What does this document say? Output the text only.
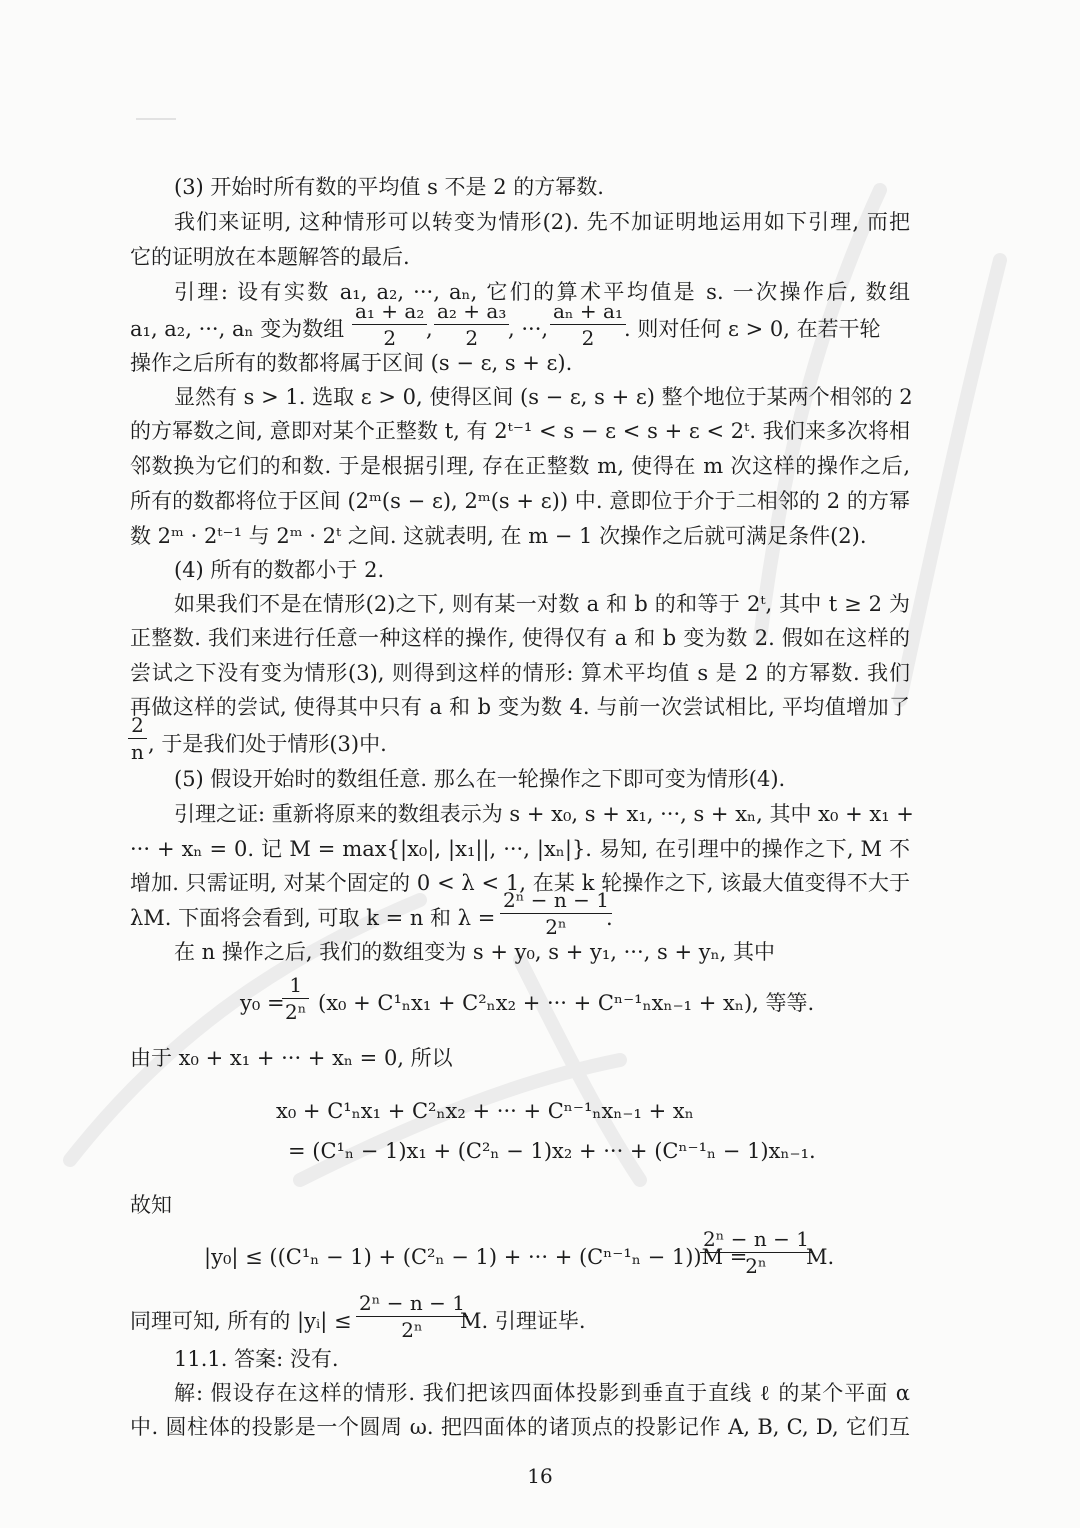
(3) 开始时所有数的平均值 s 不是 2 的方幂数.
我们来证明, 这种情形可以转变为情形(2). 先不加证明地运用如下引理, 而把
它的证明放在本题解答的最后.
引理: 设有实数 a₁, a₂, ···, aₙ, 它们的算术平均值是 s. 一次操作后, 数组
a₁, a₂, ···, aₙ 变为数组 $\frac{\text{a₁ + a₂}}{2}$
, $\frac{\text{a₂ + a₃}}{2}$
, ···, $\frac{\text{aₙ + a₁}}{2}$
. 则对任何 ε > 0, 在若干轮
操作之后所有的数都将属于区间 (s − ε, s + ε).
显然有 s > 1. 选取 ε > 0, 使得区间 (s − ε, s + ε) 整个地位于某两个相邻的 2
的方幂数之间, 意即对某个正整数 t, 有 2ᵗ⁻¹ < s − ε < s + ε < 2ᵗ. 我们来多次将相
邻数换为它们的和数. 于是根据引理, 存在正整数 m, 使得在 m 次这样的操作之后,
所有的数都将位于区间 (2ᵐ(s − ε), 2ᵐ(s + ε)) 中. 意即位于介于二相邻的 2 的方幂
数 2ᵐ · 2ᵗ⁻¹ 与 2ᵐ · 2ᵗ 之间. 这就表明, 在 m − 1 次操作之后就可满足条件(2).
(4) 所有的数都小于 2.
如果我们不是在情形(2)之下, 则有某一对数 a 和 b 的和等于 2ᵗ, 其中 t ≥ 2 为
正整数. 我们来进行任意一种这样的操作, 使得仅有 a 和 b 变为数 2. 假如在这样的
尝试之下没有变为情形(3), 则得到这样的情形: 算术平均值 s 是 2 的方幂数. 我们
再做这样的尝试, 使得其中只有 a 和 b 变为数 4. 与前一次尝试相比, 平均值增加了
$\frac{2}{n}$ , 于是我们处于情形(3)中.
(5) 假设开始时的数组任意. 那么在一轮操作之下即可变为情形(4).
引理之证: 重新将原来的数组表示为 s + x₀, s + x₁, ···, s + xₙ, 其中 x₀ + x₁ +
··· + xₙ = 0. 记 M = max{|x₀|, |x₁||, ···, |xₙ|}. 易知, 在引理中的操作之下, M 不
增加. 只需证明, 对某个固定的 0 < λ < 1, 在某 k 轮操作之下, 该最大值变得不大于
λM. 下面将会看到, 可取 k = n 和 $\lambda = \frac{\text{2ⁿ − n − 1}}{\text{2ⁿ}}$
.
在 n 操作之后, 我们的数组变为 s + y₀, s + y₁, ···, s + yₙ, 其中
y₀ =
$\frac{1}{\text{2ⁿ}} (x_0 + C^1_nx_1 + C^2_nx_2$ + ··· + Cⁿ⁻¹ₙxₙ₋₁ + xₙ), 等等.
由于 x₀ + x₁ + ··· + xₙ = 0, 所以
x₀ + C¹ₙx₁ + C²ₙx₂ + ··· + Cⁿ⁻¹ₙxₙ₋₁ + xₙ
= (C¹ₙ − 1)x₁ + (C²ₙ − 1)x₂ + ··· + (Cⁿ⁻¹ₙ − 1)xₙ₋₁.
故知
|y₀| ≤ ((C¹ₙ − 1) + (C²ₙ − 1) + ··· + (Cⁿ⁻¹ₙ − 1))M =
$\frac{\text{2ⁿ − n − 1}}{\text{2ⁿ}}$
M.
同理可知, 所有的 |yᵢ| ≤ $\frac{\text{2ⁿ − n − 1}}{\text{2ⁿ}}$
M. 引理证毕.
11.1. 答案: 没有.
解: 假设存在这样的情形. 我们把该四面体投影到垂直于直线 ℓ 的某个平面 α
中. 圆柱体的投影是一个圆周 ω. 把四面体的诸顶点的投影记作 A, B, C, D, 它们互
16
